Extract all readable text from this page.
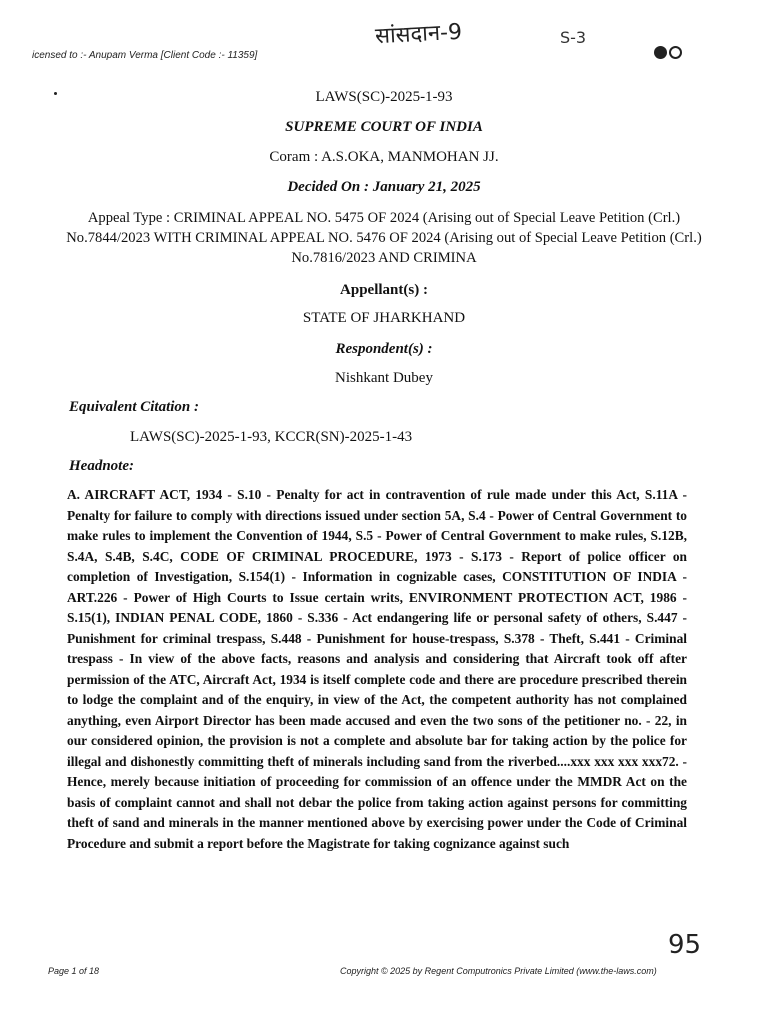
icensed to :- Anupam Verma [Client Code :- 11359]
सांसदान-9	S-3
LAWS(SC)-2025-1-93
SUPREME COURT OF INDIA
Coram : A.S.OKA, MANMOHAN JJ.
Decided On : January 21, 2025
Appeal Type : CRIMINAL APPEAL NO. 5475 OF 2024 (Arising out of Special Leave Petition (Crl.) No.7844/2023 WITH CRIMINAL APPEAL NO. 5476 OF 2024 (Arising out of Special Leave Petition (Crl.) No.7816/2023 AND CRIMINA
Appellant(s) :
STATE OF JHARKHAND
Respondent(s) :
Nishkant Dubey
Equivalent Citation :
LAWS(SC)-2025-1-93, KCCR(SN)-2025-1-43
Headnote:

A. AIRCRAFT ACT, 1934 - S.10 - Penalty for act in contravention of rule made under this Act, S.11A - Penalty for failure to comply with directions issued under section 5A, S.4 - Power of Central Government to make rules to implement the Convention of 1944, S.5 - Power of Central Government to make rules, S.12B, S.4A, S.4B, S.4C, CODE OF CRIMINAL PROCEDURE, 1973 - S.173 - Report of police officer on completion of Investigation, S.154(1) - Information in cognizable cases, CONSTITUTION OF INDIA - ART.226 - Power of High Courts to Issue certain writs, ENVIRONMENT PROTECTION ACT, 1986 - S.15(1), INDIAN PENAL CODE, 1860 - S.336 - Act endangering life or personal safety of others, S.447 - Punishment for criminal trespass, S.448 - Punishment for house-trespass, S.378 - Theft, S.441 - Criminal trespass - In view of the above facts, reasons and analysis and considering that Aircraft took off after permission of the ATC, Aircraft Act, 1934 is itself complete code and there are procedure prescribed therein to lodge the complaint and of the enquiry, in view of the Act, the competent authority has not complained anything, even Airport Director has been made accused and even the two sons of the petitioner no. - 22, in our considered opinion, the provision is not a complete and absolute bar for taking action by the police for illegal and dishonestly committing theft of minerals including sand from the riverbed....xxx xxx xxx xxx72. - Hence, merely because initiation of proceeding for commission of an offence under the MMDR Act on the basis of complaint cannot and shall not debar the police from taking action against persons for committing theft of sand and minerals in the manner mentioned above by exercising power under the Code of Criminal Procedure and submit a report before the Magistrate for taking cognizance against such

95
Page 1 of 18	Copyright © 2025 by Regent Computronics Private Limited (www.the-laws.com)
